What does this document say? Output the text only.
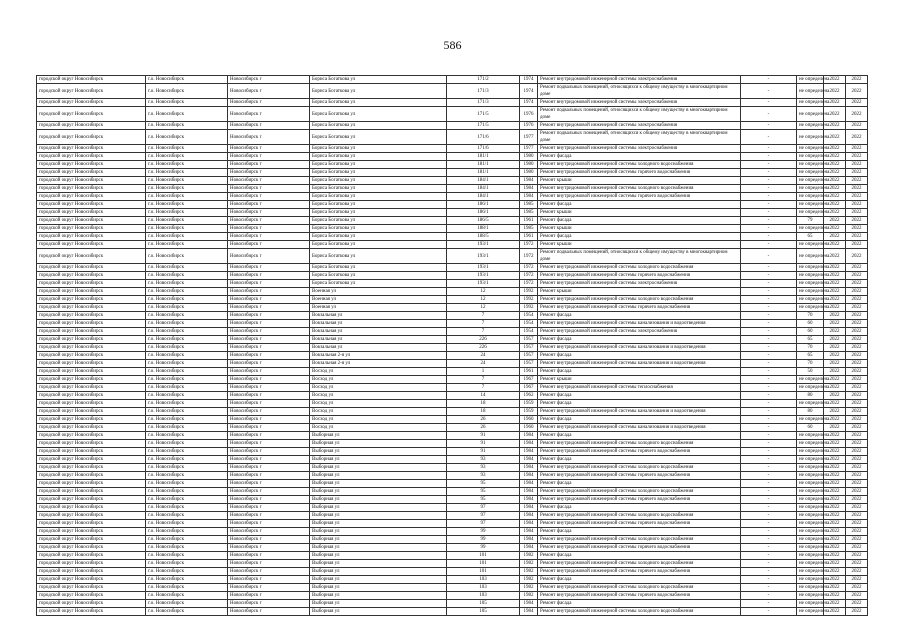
586
городской округ Новосибирск	г.о. Новосибирск	Новосибирск г	Бориса Богаткова ул	171/2	1974	Ремонт внутридомовой инженерной системы электроснабжения	-	не определена	2022	2022
городской округ Новосибирск	г.о. Новосибирск	Новосибирск г	Бориса Богаткова ул	171/3	1974	Ремонт подвальных помещений, относящихся к общему имуществу в многоквартирном доме	-	не определена	2022	2022
городской округ Новосибирск	г.о. Новосибирск	Новосибирск г	Бориса Богаткова ул	171/3	1974	Ремонт внутридомовой инженерной системы электроснабжения	-	не определена	2022	2022
городской округ Новосибирск	г.о. Новосибирск	Новосибирск г	Бориса Богаткова ул	171/5	1976	Ремонт подвальных помещений, относящихся к общему имуществу в многоквартирном доме	-	не определена	2022	2022
городской округ Новосибирск	г.о. Новосибирск	Новосибирск г	Бориса Богаткова ул	171/5	1976	Ремонт внутридомовой инженерной системы электроснабжения	-	не определена	2022	2022
городской округ Новосибирск	г.о. Новосибирск	Новосибирск г	Бориса Богаткова ул	171/6	1977	Ремонт подвальных помещений, относящихся к общему имуществу в многоквартирном доме	-	не определена	2022	2022
городской округ Новосибирск	г.о. Новосибирск	Новосибирск г	Бориса Богаткова ул	171/6	1977	Ремонт внутридомовой инженерной системы электроснабжения	-	не определена	2022	2022
городской округ Новосибирск	г.о. Новосибирск	Новосибирск г	Бориса Богаткова ул	181/1	1980	Ремонт фасада	-	не определена	2022	2022
городской округ Новосибирск	г.о. Новосибирск	Новосибирск г	Бориса Богаткова ул	181/1	1980	Ремонт внутридомовой инженерной системы холодного водоснабжения	-	не определена	2022	2022
городской округ Новосибирск	г.о. Новосибирск	Новосибирск г	Бориса Богаткова ул	181/1	1980	Ремонт внутридомовой инженерной системы горячего водоснабжения	-	не определена	2022	2022
городской округ Новосибирск	г.о. Новосибирск	Новосибирск г	Бориса Богаткова ул	184/1	1984	Ремонт крыши	-	не определена	2022	2022
городской округ Новосибирск	г.о. Новосибирск	Новосибирск г	Бориса Богаткова ул	184/1	1984	Ремонт внутридомовой инженерной системы холодного водоснабжения	-	не определена	2022	2022
городской округ Новосибирск	г.о. Новосибирск	Новосибирск г	Бориса Богаткова ул	184/1	1984	Ремонт внутридомовой инженерной системы горячего водоснабжения	-	не определена	2022	2022
городской округ Новосибирск	г.о. Новосибирск	Новосибирск г	Бориса Богаткова ул	186/1	1985	Ремонт фасада	-	не определена	2022	2022
городской округ Новосибирск	г.о. Новосибирск	Новосибирск г	Бориса Богаткова ул	186/1	1985	Ремонт крыши	-	не определена	2022	2022
городской округ Новосибирск	г.о. Новосибирск	Новосибирск г	Бориса Богаткова ул	186/5	1961	Ремонт фасада	-	79	2022	2022
городской округ Новосибирск	г.о. Новосибирск	Новосибирск г	Бориса Богаткова ул	188/1	1985	Ремонт крыши	-	не определена	2022	2022
городской округ Новосибирск	г.о. Новосибирск	Новосибирск г	Бориса Богаткова ул	188/5	1961	Ремонт фасада	-	65	2022	2022
городской округ Новосибирск	г.о. Новосибирск	Новосибирск г	Бориса Богаткова ул	193/1	1972	Ремонт крыши	-	не определена	2022	2022
городской округ Новосибирск	г.о. Новосибирск	Новосибирск г	Бориса Богаткова ул	193/1	1972	Ремонт подвальных помещений, относящихся к общему имуществу в многоквартирном доме	-	не определена	2022	2022
городской округ Новосибирск	г.о. Новосибирск	Новосибирск г	Бориса Богаткова ул	193/1	1972	Ремонт внутридомовой инженерной системы холодного водоснабжения	-	не определена	2022	2022
городской округ Новосибирск	г.о. Новосибирск	Новосибирск г	Бориса Богаткова ул	193/1	1972	Ремонт внутридомовой инженерной системы горячего водоснабжения	-	не определена	2022	2022
городской округ Новосибирск	г.о. Новосибирск	Новосибирск г	Бориса Богаткова ул	193/1	1972	Ремонт внутридомовой инженерной системы электроснабжения	-	не определена	2022	2022
городской округ Новосибирск	г.о. Новосибирск	Новосибирск г	Военная ул	12	1992	Ремонт крыши	-	не определена	2022	2022
городской округ Новосибирск	г.о. Новосибирск	Новосибирск г	Военная ул	12	1992	Ремонт внутридомовой инженерной системы холодного водоснабжения	-	не определена	2022	2022
городской округ Новосибирск	г.о. Новосибирск	Новосибирск г	Военная ул	12	1992	Ремонт внутридомовой инженерной системы горячего водоснабжения	-	не определена	2022	2022
городской округ Новосибирск	г.о. Новосибирск	Новосибирск г	Вокзальная ул	7	1954	Ремонт фасада	-	70	2022	2022
городской округ Новосибирск	г.о. Новосибирск	Новосибирск г	Вокзальная ул	7	1954	Ремонт внутридомовой инженерной системы канализования и водоотведения	-	60	2022	2022
городской округ Новосибирск	г.о. Новосибирск	Новосибирск г	Вокзальная ул	7	1954	Ремонт внутридомовой инженерной системы электроснабжения	-	60	2022	2022
городской округ Новосибирск	г.о. Новосибирск	Новосибирск г	Вокзальная ул	226	1957	Ремонт фасада	-	65	2022	2022
городской округ Новосибирск	г.о. Новосибирск	Новосибирск г	Вокзальная ул	226	1957	Ремонт внутридомовой инженерной системы канализования и водоотведения	-	70	2022	2022
городской округ Новосибирск	г.о. Новосибирск	Новосибирск г	Вокзальная 2-я ул	24	1957	Ремонт фасада	-	65	2022	2022
городской округ Новосибирск	г.о. Новосибирск	Новосибирск г	Вокзальная 2-я ул	24	1957	Ремонт внутридомовой инженерной системы канализования и водоотведения	-	70	2022	2022
городской округ Новосибирск	г.о. Новосибирск	Новосибирск г	Восход ул	1	1961	Ремонт фасада	-	50	2022	2022
городской округ Новосибирск	г.о. Новосибирск	Новосибирск г	Восход ул	7	1967	Ремонт крыши	-	не определена	2022	2022
городской округ Новосибирск	г.о. Новосибирск	Новосибирск г	Восход ул	7	1967	Ремонт внутридомовой инженерной системы теплоснабжения	-	не определена	2022	2022
городской округ Новосибирск	г.о. Новосибирск	Новосибирск г	Восход ул	14	1962	Ремонт фасада	-	80	2022	2022
городской округ Новосибирск	г.о. Новосибирск	Новосибирск г	Восход ул	18	1959	Ремонт фасада	-	не определена	2022	2022
городской округ Новосибирск	г.о. Новосибирск	Новосибирск г	Восход ул	18	1959	Ремонт внутридомовой инженерной системы канализования и водоотведения	-	80	2022	2022
городской округ Новосибирск	г.о. Новосибирск	Новосибирск г	Восход ул	26	1960	Ремонт фасада	-	не определена	2022	2022
городской округ Новосибирск	г.о. Новосибирск	Новосибирск г	Восход ул	26	1960	Ремонт внутридомовой инженерной системы канализования и водоотведения	-	60	2022	2022
городской округ Новосибирск	г.о. Новосибирск	Новосибирск г	Выборная ул	91	1984	Ремонт фасада	-	не определена	2022	2022
городской округ Новосибирск	г.о. Новосибирск	Новосибирск г	Выборная ул	91	1984	Ремонт внутридомовой инженерной системы холодного водоснабжения	-	не определена	2022	2022
городской округ Новосибирск	г.о. Новосибирск	Новосибирск г	Выборная ул	91	1984	Ремонт внутридомовой инженерной системы горячего водоснабжения	-	не определена	2022	2022
городской округ Новосибирск	г.о. Новосибирск	Новосибирск г	Выборная ул	93	1984	Ремонт фасада	-	не определена	2022	2022
городской округ Новосибирск	г.о. Новосибирск	Новосибирск г	Выборная ул	93	1984	Ремонт внутридомовой инженерной системы холодного водоснабжения	-	не определена	2022	2022
городской округ Новосибирск	г.о. Новосибирск	Новосибирск г	Выборная ул	93	1984	Ремонт внутридомовой инженерной системы горячего водоснабжения	-	не определена	2022	2022
городской округ Новосибирск	г.о. Новосибирск	Новосибирск г	Выборная ул	95	1984	Ремонт фасада	-	не определена	2022	2022
городской округ Новосибирск	г.о. Новосибирск	Новосибирск г	Выборная ул	95	1984	Ремонт внутридомовой инженерной системы холодного водоснабжения	-	не определена	2022	2022
городской округ Новосибирск	г.о. Новосибирск	Новосибирск г	Выборная ул	95	1984	Ремонт внутридомовой инженерной системы горячего водоснабжения	-	не определена	2022	2022
городской округ Новосибирск	г.о. Новосибирск	Новосибирск г	Выборная ул	97	1984	Ремонт фасада	-	не определена	2022	2022
городской округ Новосибирск	г.о. Новосибирск	Новосибирск г	Выборная ул	97	1984	Ремонт внутридомовой инженерной системы холодного водоснабжения	-	не определена	2022	2022
городской округ Новосибирск	г.о. Новосибирск	Новосибирск г	Выборная ул	97	1984	Ремонт внутридомовой инженерной системы горячего водоснабжения	-	не определена	2022	2022
городской округ Новосибирск	г.о. Новосибирск	Новосибирск г	Выборная ул	99	1984	Ремонт фасада	-	не определена	2022	2022
городской округ Новосибирск	г.о. Новосибирск	Новосибирск г	Выборная ул	99	1984	Ремонт внутридомовой инженерной системы холодного водоснабжения	-	не определена	2022	2022
городской округ Новосибирск	г.о. Новосибирск	Новосибирск г	Выборная ул	99	1984	Ремонт внутридомовой инженерной системы горячего водоснабжения	-	не определена	2022	2022
городской округ Новосибирск	г.о. Новосибирск	Новосибирск г	Выборная ул	101	1982	Ремонт фасада	-	не определена	2022	2022
городской округ Новосибирск	г.о. Новосибирск	Новосибирск г	Выборная ул	101	1982	Ремонт внутридомовой инженерной системы холодного водоснабжения	-	не определена	2022	2022
городской округ Новосибирск	г.о. Новосибирск	Новосибирск г	Выборная ул	101	1982	Ремонт внутридомовой инженерной системы горячего водоснабжения	-	не определена	2022	2022
городской округ Новосибирск	г.о. Новосибирск	Новосибирск г	Выборная ул	103	1982	Ремонт фасада	-	не определена	2022	2022
городской округ Новосибирск	г.о. Новосибирск	Новосибирск г	Выборная ул	103	1982	Ремонт внутридомовой инженерной системы холодного водоснабжения	-	не определена	2022	2022
городской округ Новосибирск	г.о. Новосибирск	Новосибирск г	Выборная ул	103	1982	Ремонт внутридомовой инженерной системы горячего водоснабжения	-	не определена	2022	2022
городской округ Новосибирск	г.о. Новосибирск	Новосибирск г	Выборная ул	105	1984	Ремонт фасада	-	не определена	2022	2022
городской округ Новосибирск	г.о. Новосибирск	Новосибирск г	Выборная ул	105	1984	Ремонт внутридомовой инженерной системы холодного водоснабжения	-	не определена	2022	2022
